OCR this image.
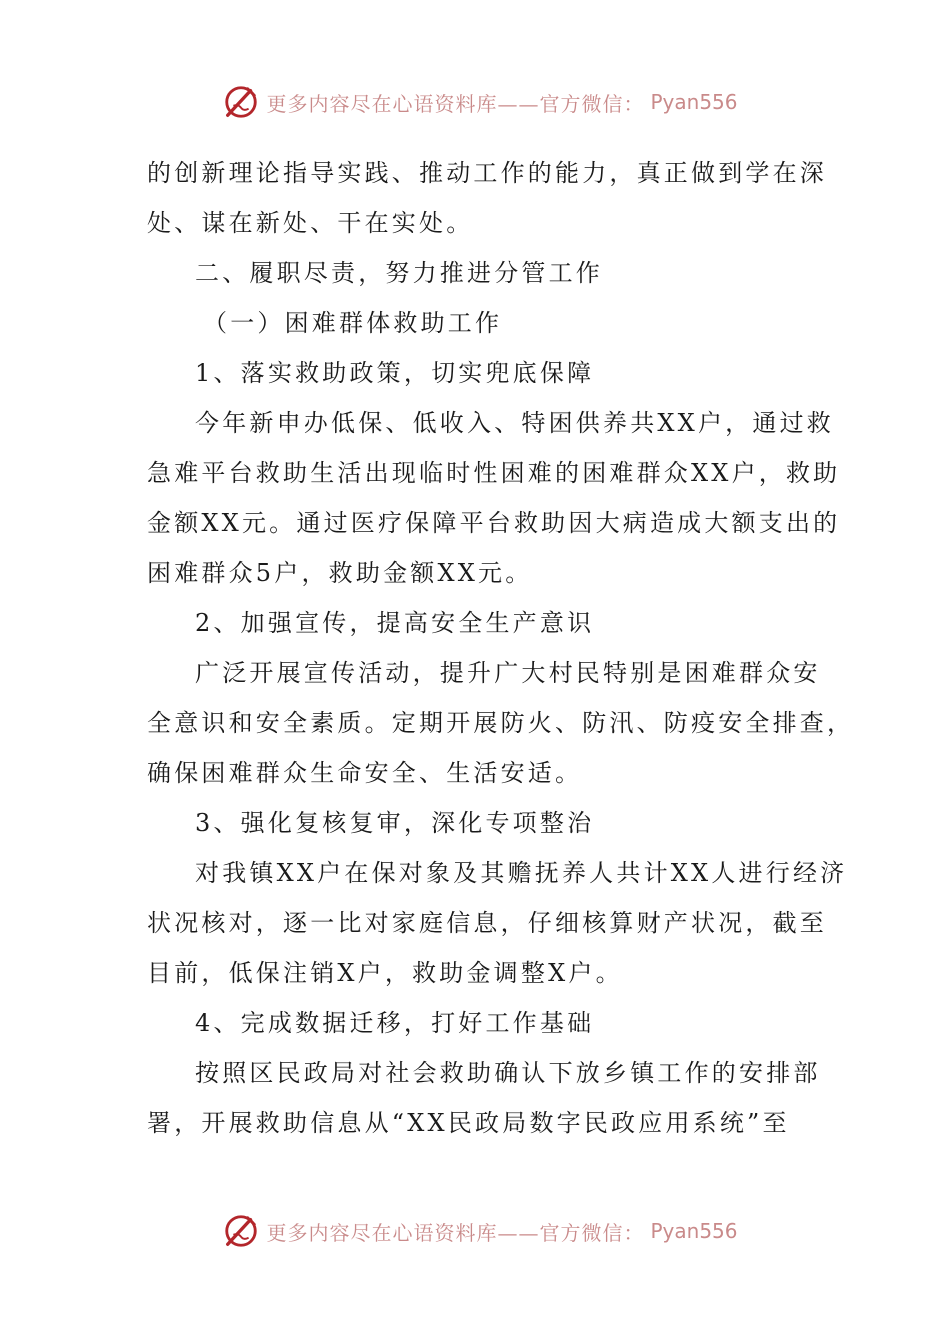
更多内容尽在心语资料库——官方微信： Pyan556
的创新理论指导实践、推动工作的能力，真正做到学在深
处、谋在新处、干在实处。
二、履职尽责，努力推进分管工作
（一）困难群体救助工作
1、落实救助政策，切实兜底保障
今年新申办低保、低收入、特困供养共XX户，通过救
急难平台救助生活出现临时性困难的困难群众XX户，救助
金额XX元。通过医疗保障平台救助因大病造成大额支出的
困难群众5户，救助金额XX元。
2、加强宣传，提高安全生产意识
广泛开展宣传活动，提升广大村民特别是困难群众安
全意识和安全素质。定期开展防火、防汛、防疫安全排查，
确保困难群众生命安全、生活安适。
3、强化复核复审，深化专项整治
对我镇XX户在保对象及其赡抚养人共计XX人进行经济
状况核对，逐一比对家庭信息，仔细核算财产状况，截至
目前，低保注销X户，救助金调整X户。
4、完成数据迁移，打好工作基础
按照区民政局对社会救助确认下放乡镇工作的安排部
署，开展救助信息从“XX民政局数字民政应用系统”至
更多内容尽在心语资料库——官方微信： Pyan556
